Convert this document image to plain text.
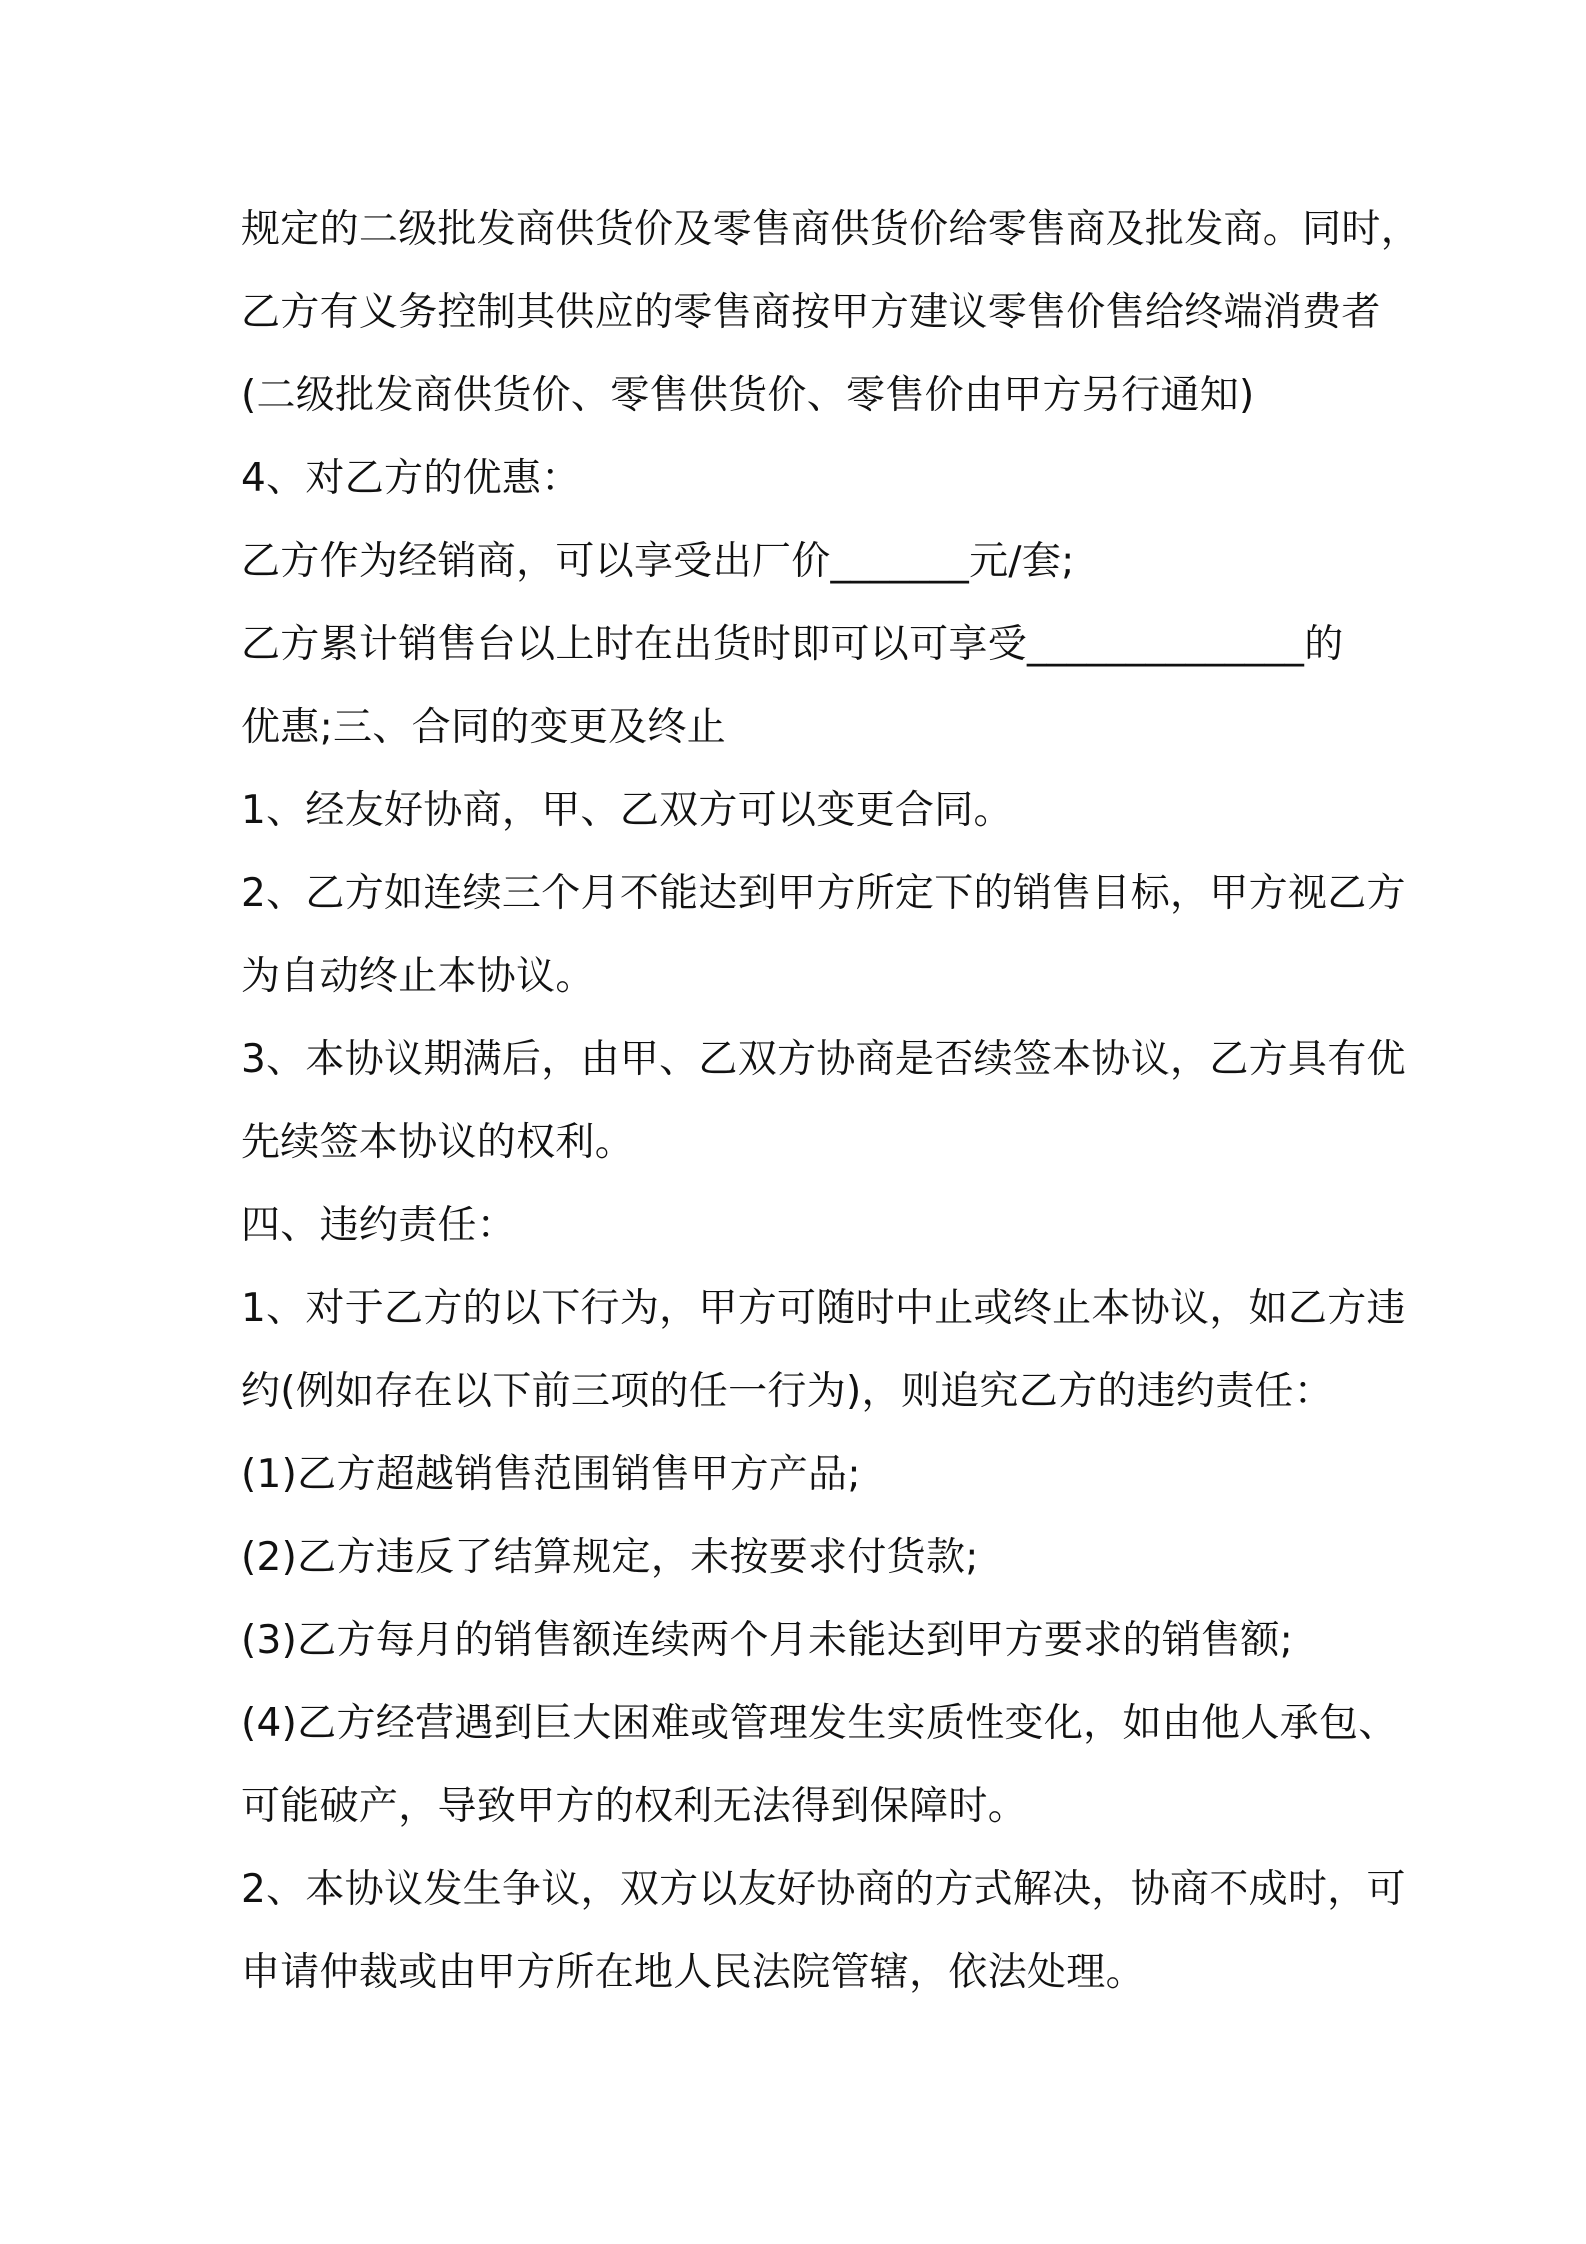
规定的二级批发商供货价及零售商供货价给零售商及批发商。同时，
乙方有义务控制其供应的零售商按甲方建议零售价售给终端消费者
(二级批发商供货价、零售供货价、零售价由甲方另行通知)
4、对乙方的优惠：
乙方作为经销商，可以享受出厂价_______元/套;
乙方累计销售台以上时在出货时即可以可享受______________的
优惠;三、合同的变更及终止
1、经友好协商，甲、乙双方可以变更合同。
2、乙方如连续三个月不能达到甲方所定下的销售目标，甲方视乙方
为自动终止本协议。
3、本协议期满后，由甲、乙双方协商是否续签本协议，乙方具有优
先续签本协议的权利。
四、违约责任：
1、对于乙方的以下行为，甲方可随时中止或终止本协议，如乙方违
约(例如存在以下前三项的任一行为)，则追究乙方的违约责任：
(1)乙方超越销售范围销售甲方产品;
(2)乙方违反了结算规定，未按要求付货款;
(3)乙方每月的销售额连续两个月未能达到甲方要求的销售额;
(4)乙方经营遇到巨大困难或管理发生实质性变化，如由他人承包、
可能破产，导致甲方的权利无法得到保障时。
2、本协议发生争议，双方以友好协商的方式解决，协商不成时，可
申请仲裁或由甲方所在地人民法院管辖，依法处理。
